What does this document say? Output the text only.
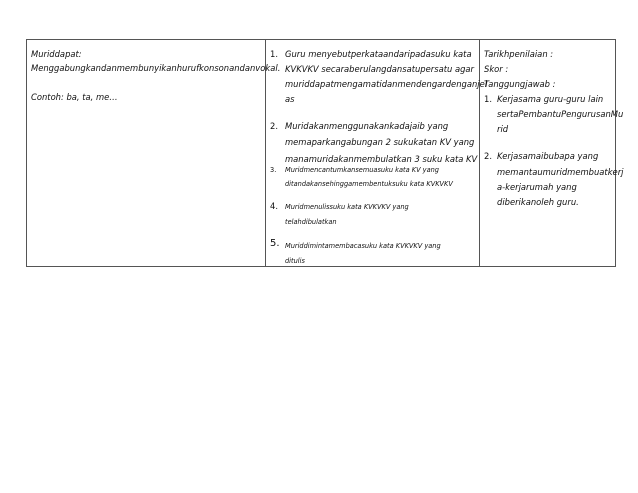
Muriddapat:
Menggabungkandanmembunyikanhurufkonsonandanvokal.
Contoh: ba, ta, me…
1. Guru menyebutperkataandaripadasuku kata
KVKVKV secaraberulangdansatupersatu agar
muriddapatmengamatidanmendengardenganjel
as
2. Muridakanmenggunakankadajaib yang
memaparkangabungan 2 sukukatan KV yang
manamuridakanmembulatkan 3 suku kata KV
3. Muridmencantumkansemuasuku kata KV yang
ditandakansehinggamembentuksuku kata KVKVKV
4. Muridmenulissuku kata KVKVKV yang
telahdibulatkan
5. Muriddimintamembacasuku kata KVKVKV yang
ditulis
Tarikhpenilaian :
Skor :
Tanggungjawab :
1. Kerjasama guru-guru lain
sertaPembantuPengurusanMu
rid
2. Kerjasamaibubapa yang
memantaumuridmembuatkerj
a-kerjarumah yang
diberikanoleh guru.
